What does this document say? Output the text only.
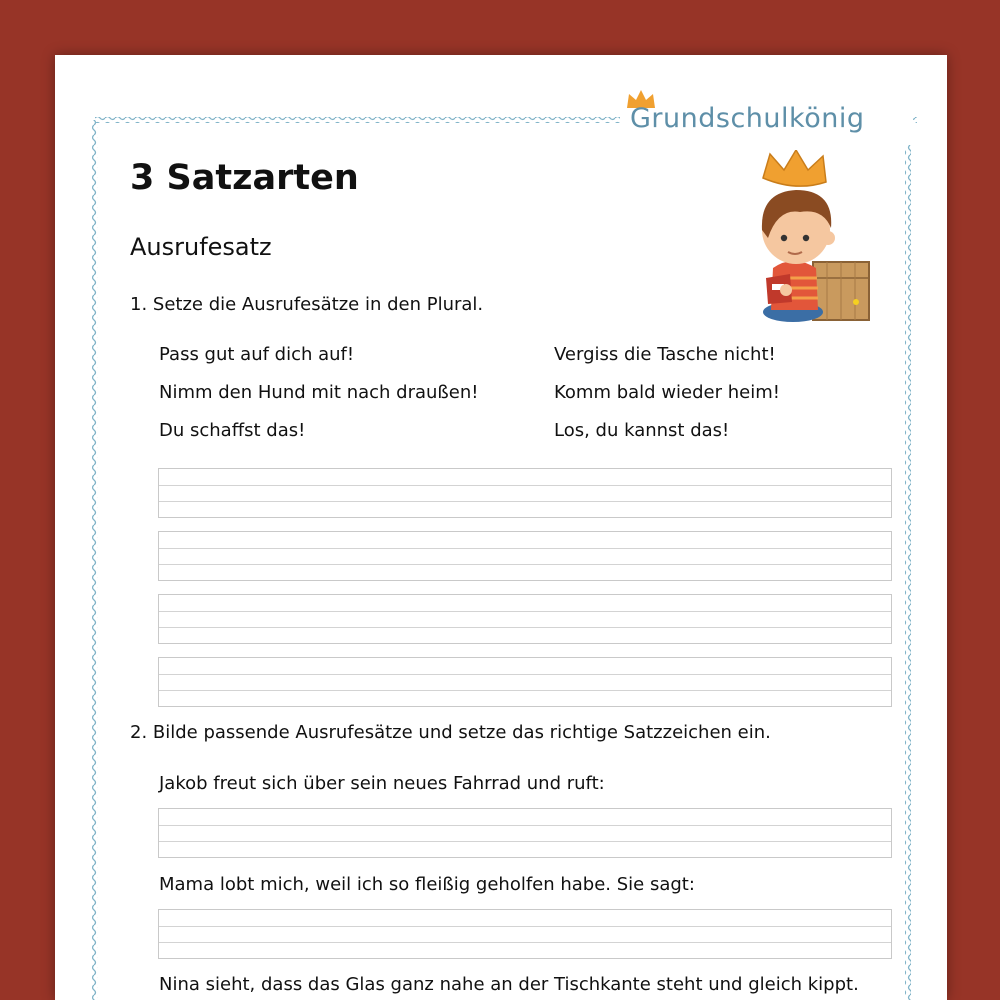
Grundschulkönig
3 Satzarten
Ausrufesatz
1. Setze die Ausrufesätze in den Plural.
Pass gut auf dich auf!
Nimm den Hund mit nach draußen!
Du schaffst das!
Vergiss die Tasche nicht!
Komm bald wieder heim!
Los, du kannst das!
2. Bilde passende Ausrufesätze und setze das richtige Satzzeichen ein.
Jakob freut sich über sein neues Fahrrad und ruft:
Mama lobt mich, weil ich so fleißig geholfen habe. Sie sagt:
Nina sieht, dass das Glas ganz nahe an der Tischkante steht und gleich kippt.
